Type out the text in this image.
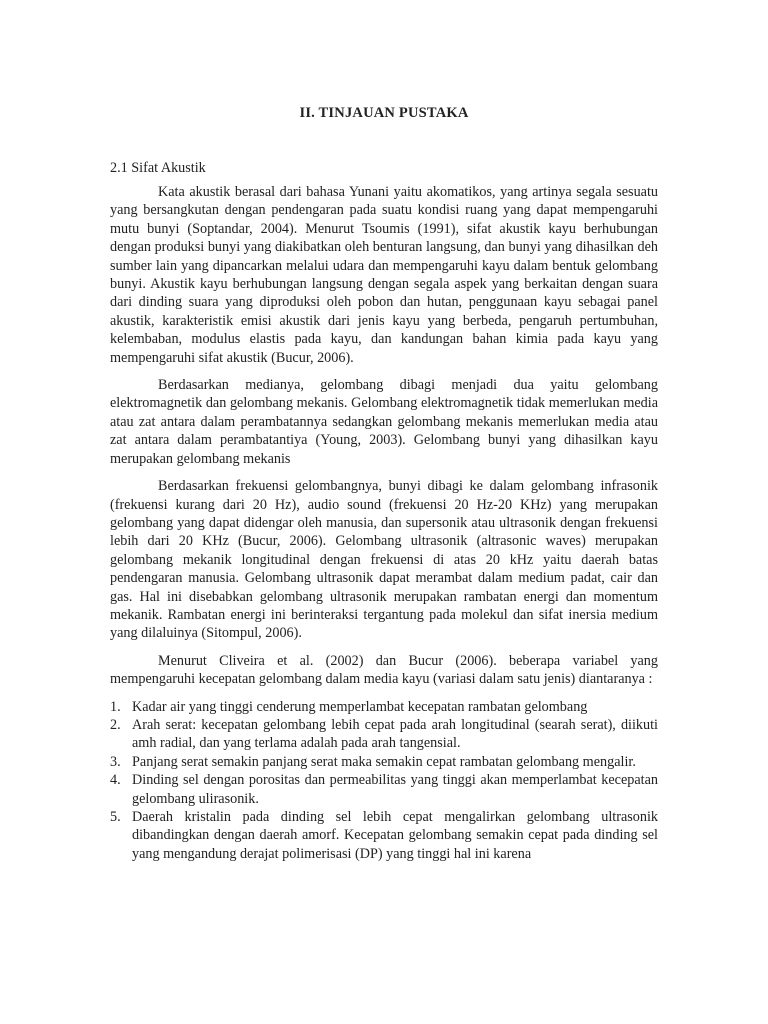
II. TINJAUAN PUSTAKA
2.1 Sifat Akustik

Kata akustik berasal dari bahasa Yunani yaitu akomatikos, yang artinya segala sesuatu yang bersangkutan dengan pendengaran pada suatu kondisi ruang yang dapat mempengaruhi mutu bunyi (Soptandar, 2004). Menurut Tsoumis (1991), sifat akustik kayu berhubungan dengan produksi bunyi yang diakibatkan oleh benturan langsung, dan bunyi yang dihasilkan deh sumber lain yang dipancarkan melalui udara dan mempengaruhi kayu dalam bentuk gelombang bunyi. Akustik kayu berhubungan langsung dengan segala aspek yang berkaitan dengan suara dari dinding suara yang diproduksi oleh pobon dan hutan, penggunaan kayu sebagai panel akustik, karakteristik emisi akustik dari jenis kayu yang berbeda, pengaruh pertumbuhan, kelembaban, modulus elastis pada kayu, dan kandungan bahan kimia pada kayu yang mempengaruhi sifat akustik (Bucur, 2006).

Berdasarkan medianya, gelombang dibagi menjadi dua yaitu gelombang elektromagnetik dan gelombang mekanis. Gelombang elektromagnetik tidak memerlukan media atau zat antara dalam perambatannya sedangkan gelombang mekanis memerlukan media atau zat antara dalam perambatantiya (Young, 2003). Gelombang bunyi yang dihasilkan kayu merupakan gelombang mekanis

Berdasarkan frekuensi gelombangnya, bunyi dibagi ke dalam gelombang infrasonik (frekuensi kurang dari 20 Hz), audio sound (frekuensi 20 Hz-20 KHz) yang merupakan gelombang yang dapat didengar oleh manusia, dan supersonik atau ultrasonik dengan frekuensi lebih dari 20 KHz (Bucur, 2006). Gelombang ultrasonik (altrasonic waves) merupakan gelombang mekanik longitudinal dengan frekuensi di atas 20 kHz yaitu daerah batas pendengaran manusia. Gelombang ultrasonik dapat merambat dalam medium padat, cair dan gas. Hal ini disebabkan gelombang ultrasonik merupakan rambatan energi dan momentum mekanik. Rambatan energi ini berinteraksi tergantung pada molekul dan sifat inersia medium yang dilaluinya (Sitompul, 2006).

Menurut Cliveira et al. (2002) dan Bucur (2006). beberapa variabel yang mempengaruhi kecepatan gelombang dalam media kayu (variasi dalam satu jenis) diantaranya :

1. Kadar air yang tinggi cenderung memperlambat kecepatan rambatan gelombang
2. Arah serat: kecepatan gelombang lebih cepat pada arah longitudinal (searah serat), diikuti amh radial, dan yang terlama adalah pada arah tangensial.
3. Panjang serat semakin panjang serat maka semakin cepat rambatan gelombang mengalir.
4. Dinding sel dengan porositas dan permeabilitas yang tinggi akan memperlambat kecepatan gelombang ulirasonik.
5. Daerah kristalin pada dinding sel lebih cepat mengalirkan gelombang ultrasonik dibandingkan dengan daerah amorf. Kecepatan gelombang semakin cepat pada dinding sel yang mengandung derajat polimerisasi (DP) yang tinggi hal ini karena
